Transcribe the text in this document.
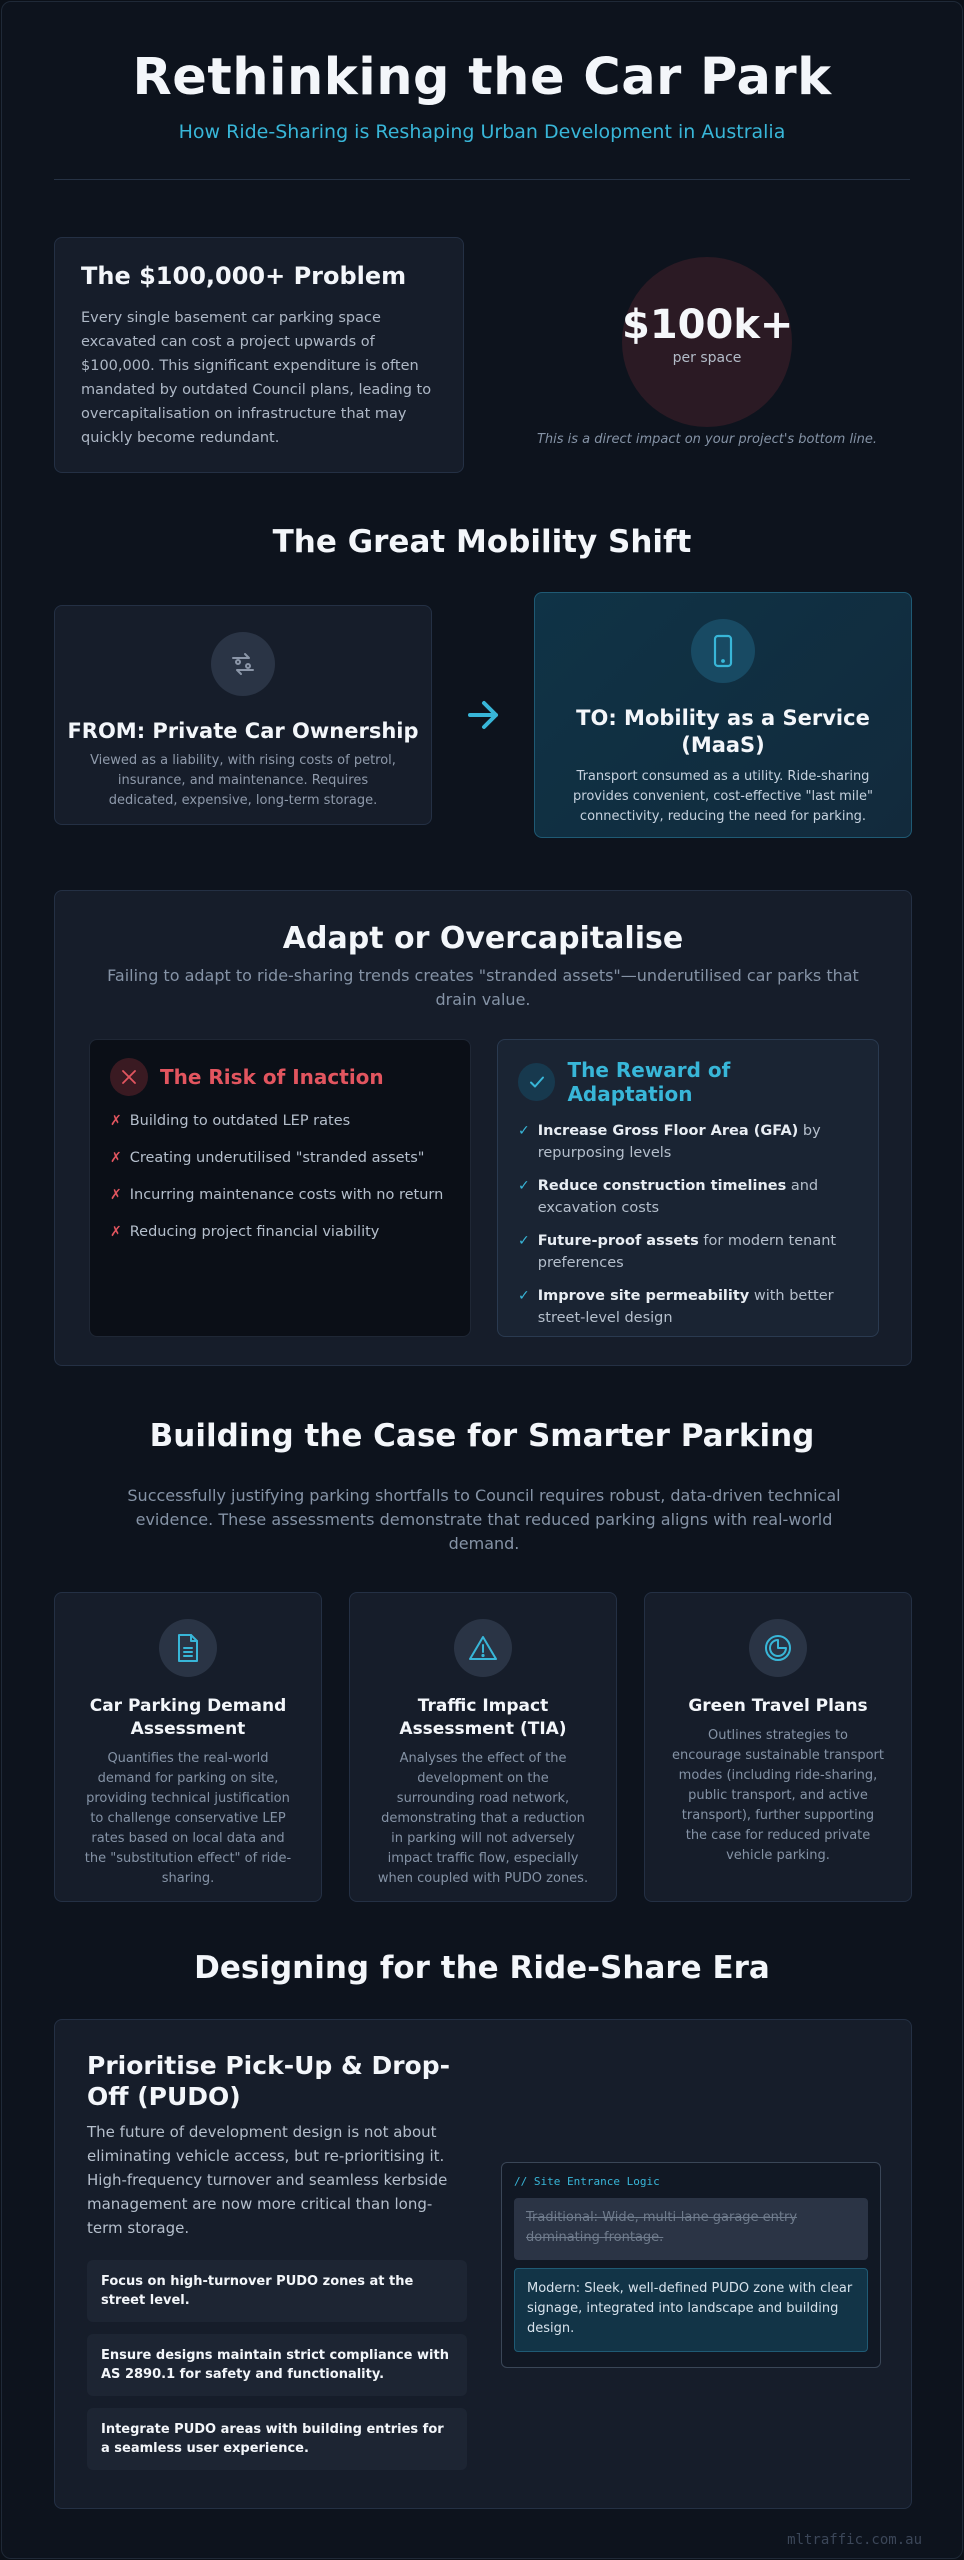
Rethinking the Car Park
How Ride-Sharing is Reshaping Urban Development in Australia
The $100,000+ Problem

Every single basement car parking space excavated can cost a project upwards of $100,000. This significant expenditure is often mandated by outdated Council plans, leading to overcapitalisation on infrastructure that may quickly become redundant.

$100k+
per space
This is a direct impact on your project's bottom line.
The Great Mobility Shift
FROM: Private Car Ownership

Viewed as a liability, with rising costs of petrol, insurance, and maintenance. Requires dedicated, expensive, long-term storage.

TO: Mobility as a Service (MaaS)

Transport consumed as a utility. Ride-sharing provides convenient, cost-effective "last mile" connectivity, reducing the need for parking.

Adapt or Overcapitalise

Failing to adapt to ride-sharing trends creates "stranded assets"—underutilised car parks that drain value.

The Risk of Inaction
✗ Building to outdated LEP rates
✗ Creating underutilised "stranded assets"
✗ Incurring maintenance costs with no return
✗ Reducing project financial viability
The Reward of Adaptation
✓ Increase Gross Floor Area (GFA) by repurposing levels
✓ Reduce construction timelines and excavation costs
✓ Future-proof assets for modern tenant preferences
✓ Improve site permeability with better street-level design
Building the Case for Smarter Parking

Successfully justifying parking shortfalls to Council requires robust, data-driven technical evidence. These assessments demonstrate that reduced parking aligns with real-world demand.

Car Parking Demand Assessment

Quantifies the real-world demand for parking on site, providing technical justification to challenge conservative LEP rates based on local data and the "substitution effect" of ride-sharing.

Traffic Impact Assessment (TIA)

Analyses the effect of the development on the surrounding road network, demonstrating that a reduction in parking will not adversely impact traffic flow, especially when coupled with PUDO zones.

Green Travel Plans

Outlines strategies to encourage sustainable transport modes (including ride-sharing, public transport, and active transport), further supporting the case for reduced private vehicle parking.

Designing for the Ride-Share Era
Prioritise Pick-Up & Drop-Off (PUDO)

The future of development design is not about eliminating vehicle access, but re-prioritising it. High-frequency turnover and seamless kerbside management are now more critical than long-term storage.

Focus on high-turnover PUDO zones at the street level.
Ensure designs maintain strict compliance with AS 2890.1 for safety and functionality.
Integrate PUDO areas with building entries for a seamless user experience.
// Site Entrance Logic
Traditional: Wide, multi-lane garage entry dominating frontage.
Modern: Sleek, well-defined PUDO zone with clear signage, integrated into landscape and building design.
mltraffic.com.au
